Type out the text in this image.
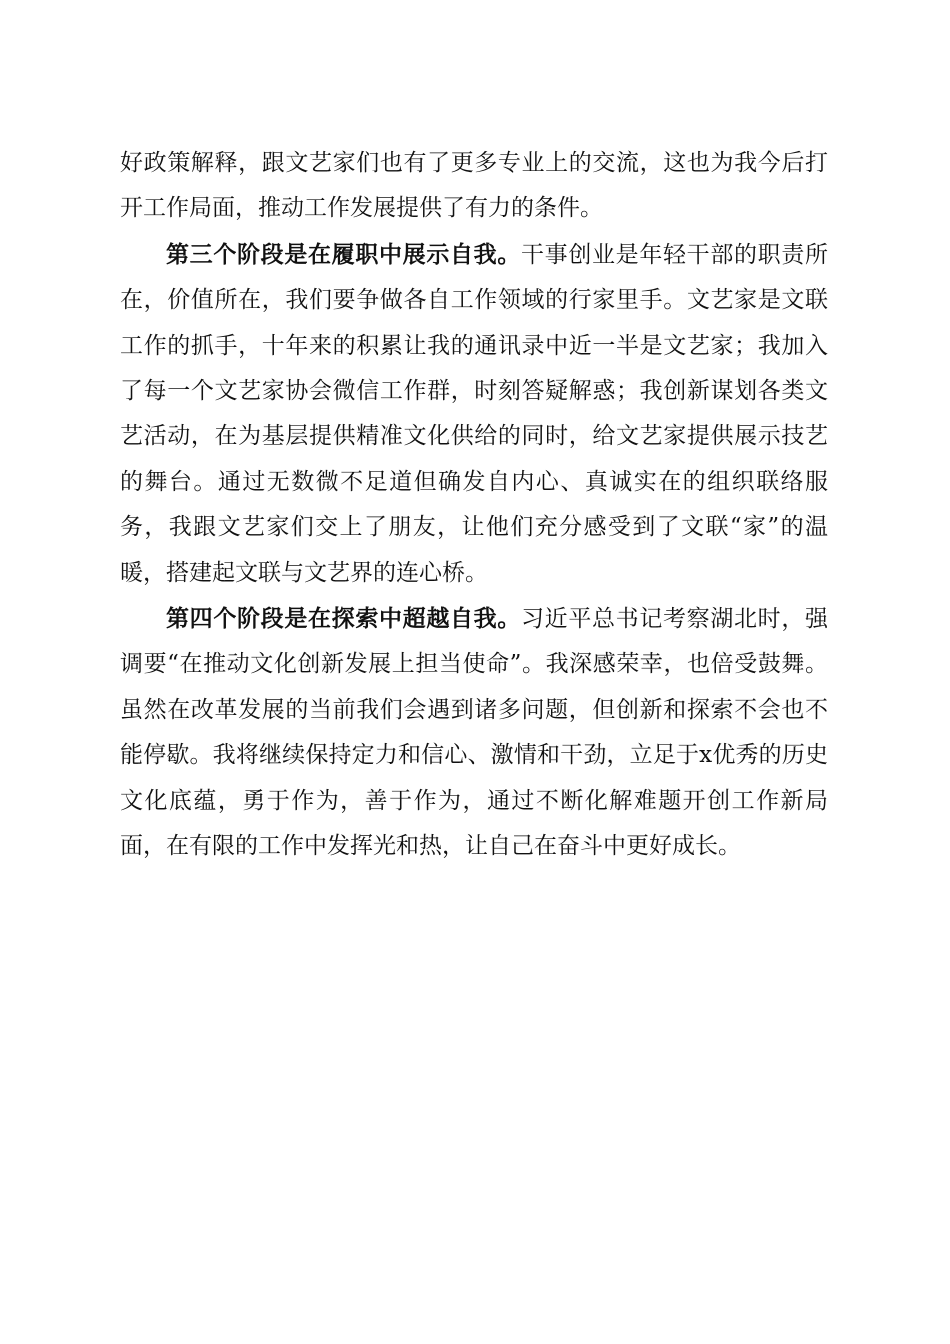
好政策解释，跟文艺家们也有了更多专业上的交流，这也为我今后打开工作局面，推动工作发展提供了有力的条件。

第三个阶段是在履职中展示自我。干事创业是年轻干部的职责所在，价值所在，我们要争做各自工作领域的行家里手。文艺家是文联工作的抓手，十年来的积累让我的通讯录中近一半是文艺家；我加入了每一个文艺家协会微信工作群，时刻答疑解惑；我创新谋划各类文艺活动，在为基层提供精准文化供给的同时，给文艺家提供展示技艺的舞台。通过无数微不足道但确发自内心、真诚实在的组织联络服务，我跟文艺家们交上了朋友，让他们充分感受到了文联“家”的温暖，搭建起文联与文艺界的连心桥。

第四个阶段是在探索中超越自我。习近平总书记考察湖北时，强调要“在推动文化创新发展上担当使命”。我深感荣幸，也倍受鼓舞。虽然在改革发展的当前我们会遇到诸多问题，但创新和探索不会也不能停歇。我将继续保持定力和信心、激情和干劲，立足于x优秀的历史文化底蕴，勇于作为，善于作为，通过不断化解难题开创工作新局面，在有限的工作中发挥光和热，让自己在奋斗中更好成长。
